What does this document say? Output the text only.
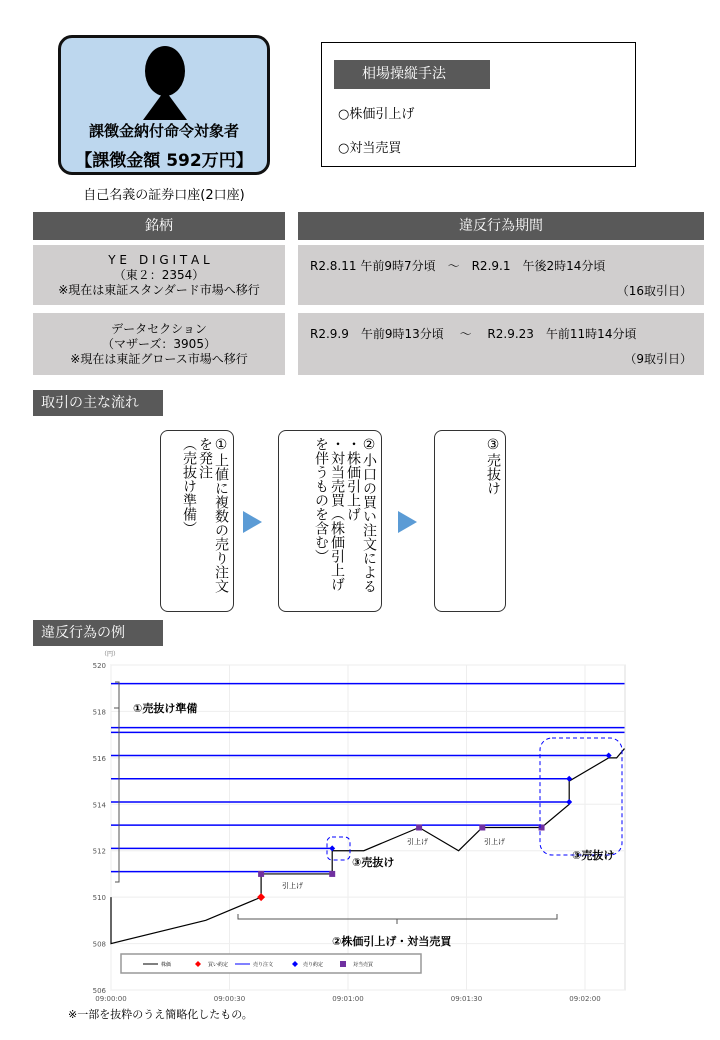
課徴金納付命令対象者
【課徴金額 592万円】
相場操縦手法
○株価引上げ
○対当売買
自己名義の証券口座(2口座)
銘柄	違反行為期間
Y E　D I G I T A L
（東２：2354）
※現在は東証スタンダード市場へ移行
R2.8.11 午前9時7分頃　～　R2.9.1　午後2時14分頃
（16取引日）
データセクション
（マザーズ：3905）
※現在は東証グロース市場へ移行
R2.9.9　午前9時13分頃　 ～　 R2.9.23　午前11時14分頃
（9取引日）
取引の主な流れ
①上値に複数の売り注文
を発注
（売抜け準備）	②小口の買い注文による
・株価引上げ
・対当売買（株価引上げ
を伴うものを含む）	③売抜け
違反行為の例
506
508
510
512
514
516
518
520
09:00:00	09:00:30	09:01:00	09:01:30	09:02:00
（円）
①売抜け準備
③売抜け
③売抜け
引上げ
引上げ	引上げ
②株価引上げ・対当売買
株価	買い約定	売り注文	売り約定	対当売買
※一部を抜粋のうえ簡略化したもの。
